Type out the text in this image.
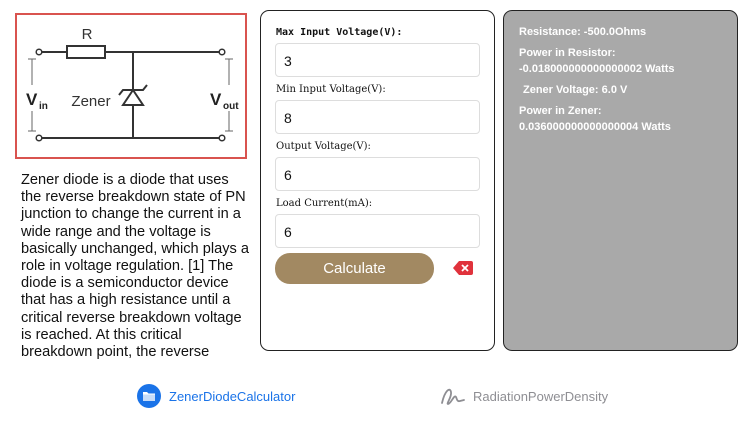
R
Zener
V in	V out
Zener diode is a diode that uses the reverse breakdown state of PN junction to change the current in a wide range and the voltage is basically unchanged, which plays a role in voltage regulation. [1] The diode is a semiconductor device that has a high resistance until a critical reverse breakdown voltage is reached. At this critical breakdown point, the reverse
Max Input Voltage(V):
3
Min Input Voltage(V):
8
Output Voltage(V):
6
Load Current(mA):
6
Calculate
Resistance: -500.0Ohms
Power in Resistor:
-0.018000000000000002 Watts
Zener Voltage: 6.0 V
Power in Zener:
0.036000000000000004 Watts
ZenerDiodeCalculator	RadiationPowerDensity
